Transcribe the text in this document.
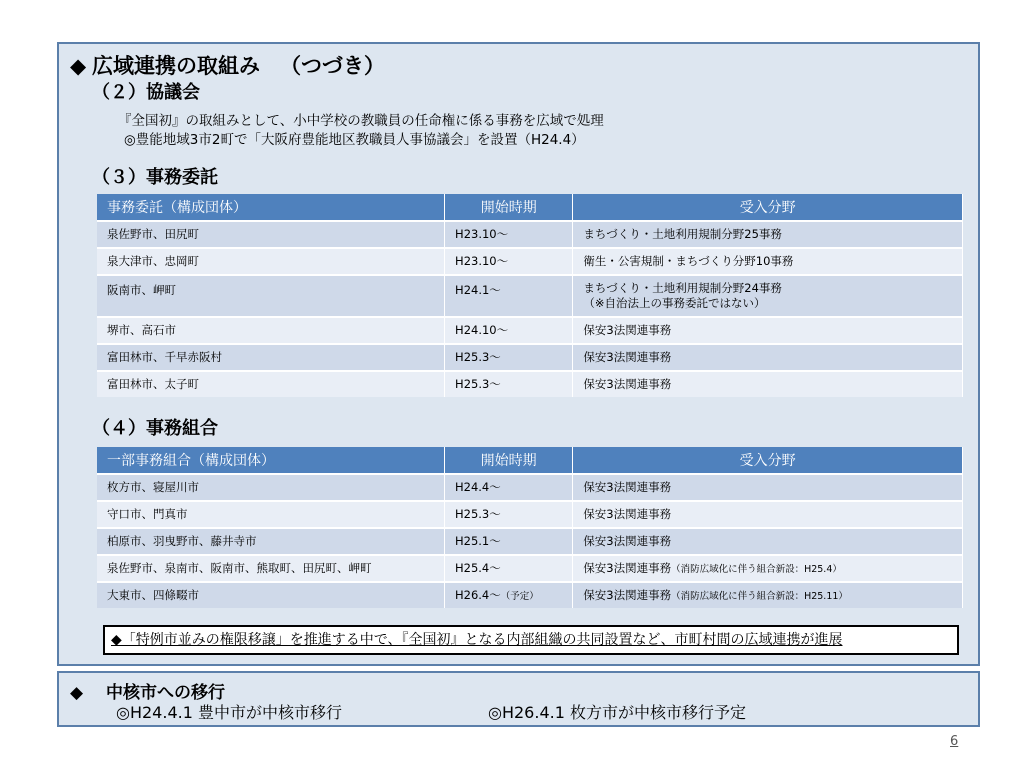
◆ 広域連携の取組み （つづき）
（２）協議会
『全国初』の取組みとして、小中学校の教職員の任命権に係る事務を広域で処理
◎豊能地域3市2町で「大阪府豊能地区教職員人事協議会」を設置（H24.4）
（３）事務委託
事務委託（構成団体）	開始時期	受入分野
泉佐野市、田尻町	H23.10～	まちづくり・土地利用規制分野25事務
泉大津市、忠岡町	H23.10～	衛生・公害規制・まちづくり分野10事務
阪南市、岬町	H24.1～	まちづくり・土地利用規制分野24事務
（※自治法上の事務委託ではない）

堺市、高石市	H24.10～	保安3法関連事務
富田林市、千早赤阪村	H25.3～	保安3法関連事務
富田林市、太子町	H25.3～	保安3法関連事務
（４）事務組合
一部事務組合（構成団体）	開始時期	受入分野
枚方市、寝屋川市	H24.4～	保安3法関連事務
守口市、門真市	H25.3～	保安3法関連事務
柏原市、羽曳野市、藤井寺市	H25.1～	保安3法関連事務
泉佐野市、泉南市、阪南市、熊取町、田尻町、岬町	H25.4～	保安3法関連事務（消防広域化に伴う組合新設：H25.4）
大東市、四條畷市	H26.4～（予定）	保安3法関連事務（消防広域化に伴う組合新設：H25.11）
◆「特例市並みの権限移譲」を推進する中で、『全国初』となる内部組織の共同設置など、市町村間の広域連携が進展
◆ 中核市への移行
◎H24.4.1 豊中市が中核市移行	◎H26.4.1 枚方市が中核市移行予定
6
